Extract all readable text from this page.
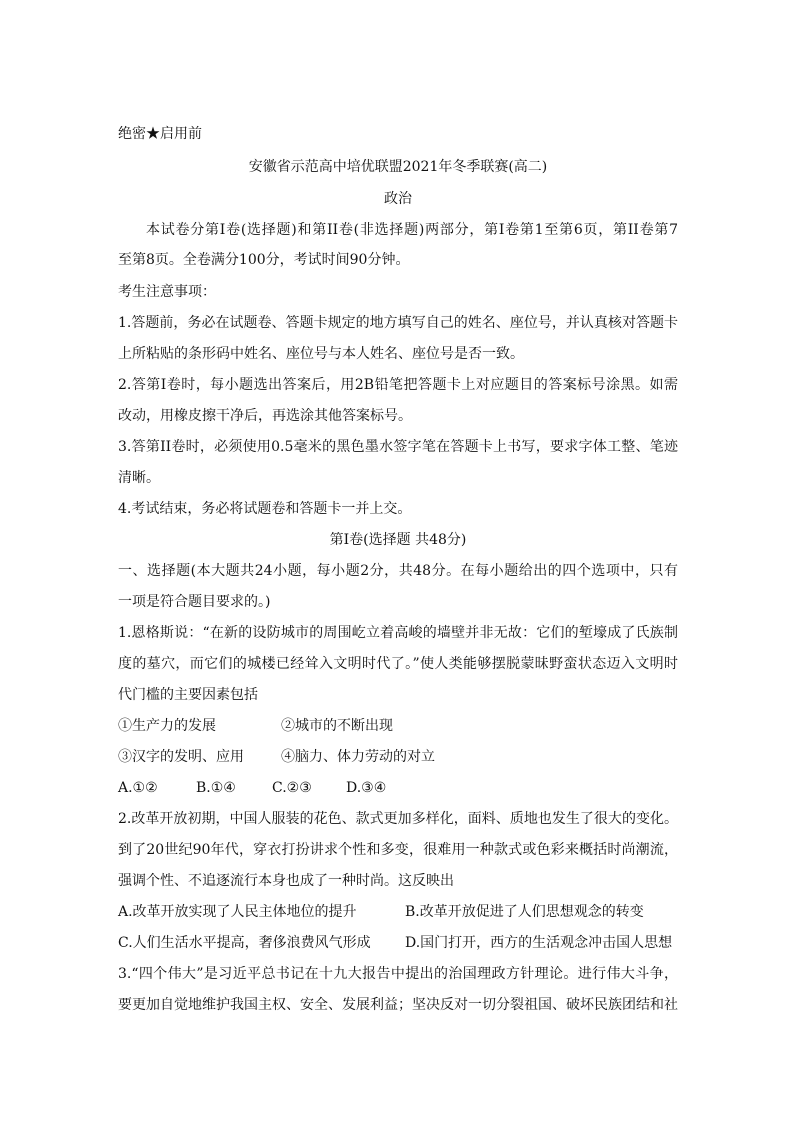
绝密★启用前
安徽省示范高中培优联盟2021年冬季联赛(高二)
政治
本试卷分第I卷(选择题)和第II卷(非选择题)两部分，第I卷第1至第6页，第II卷第7
至第8页。全卷满分100分，考试时间90分钟。
考生注意事项：
1.答题前，务必在试题卷、答题卡规定的地方填写自己的姓名、座位号，并认真核对答题卡
上所粘贴的条形码中姓名、座位号与本人姓名、座位号是否一致。
2.答第I卷时，每小题选出答案后，用2B铅笔把答题卡上对应题目的答案标号涂黑。如需
改动，用橡皮擦干净后，再选涂其他答案标号。
3.答第II卷时，必须使用0.5毫米的黑色墨水签字笔在答题卡上书写，要求字体工整、笔迹
清晰。
4.考试结束，务必将试题卷和答题卡一并上交。
第I卷(选择题 共48分)
一、选择题(本大题共24小题，每小题2分，共48分。在每小题给出的四个选项中，只有
一项是符合题目要求的。)
1.恩格斯说：“在新的设防城市的周围屹立着高峻的墙壁并非无故：它们的堑壕成了氏族制
度的墓穴，而它们的城楼已经耸入文明时代了。”使人类能够摆脱蒙昧野蛮状态迈入文明时
代门槛的主要因素包括
①生产力的发展	②城市的不断出现
③汉字的发明、应用	④脑力、体力劳动的对立
A.①②	B.①④	C.②③ D.③④
2.改革开放初期，中国人服装的花色、款式更加多样化，面料、质地也发生了很大的变化。
到了20世纪90年代，穿衣打扮讲求个性和多变，很难用一种款式或色彩来概括时尚潮流，
强调个性、不追逐流行本身也成了一种时尚。这反映出
A.改革开放实现了人民主体地位的提升	B.改革开放促进了人们思想观念的转变
C.人们生活水平提高，奢侈浪费风气形成 D.国门打开，西方的生活观念冲击国人思想
3.“四个伟大”是习近平总书记在十九大报告中提出的治国理政方针理论。进行伟大斗争，
要更加自觉地维护我国主权、安全、发展利益；坚决反对一切分裂祖国、破坏民族团结和社
